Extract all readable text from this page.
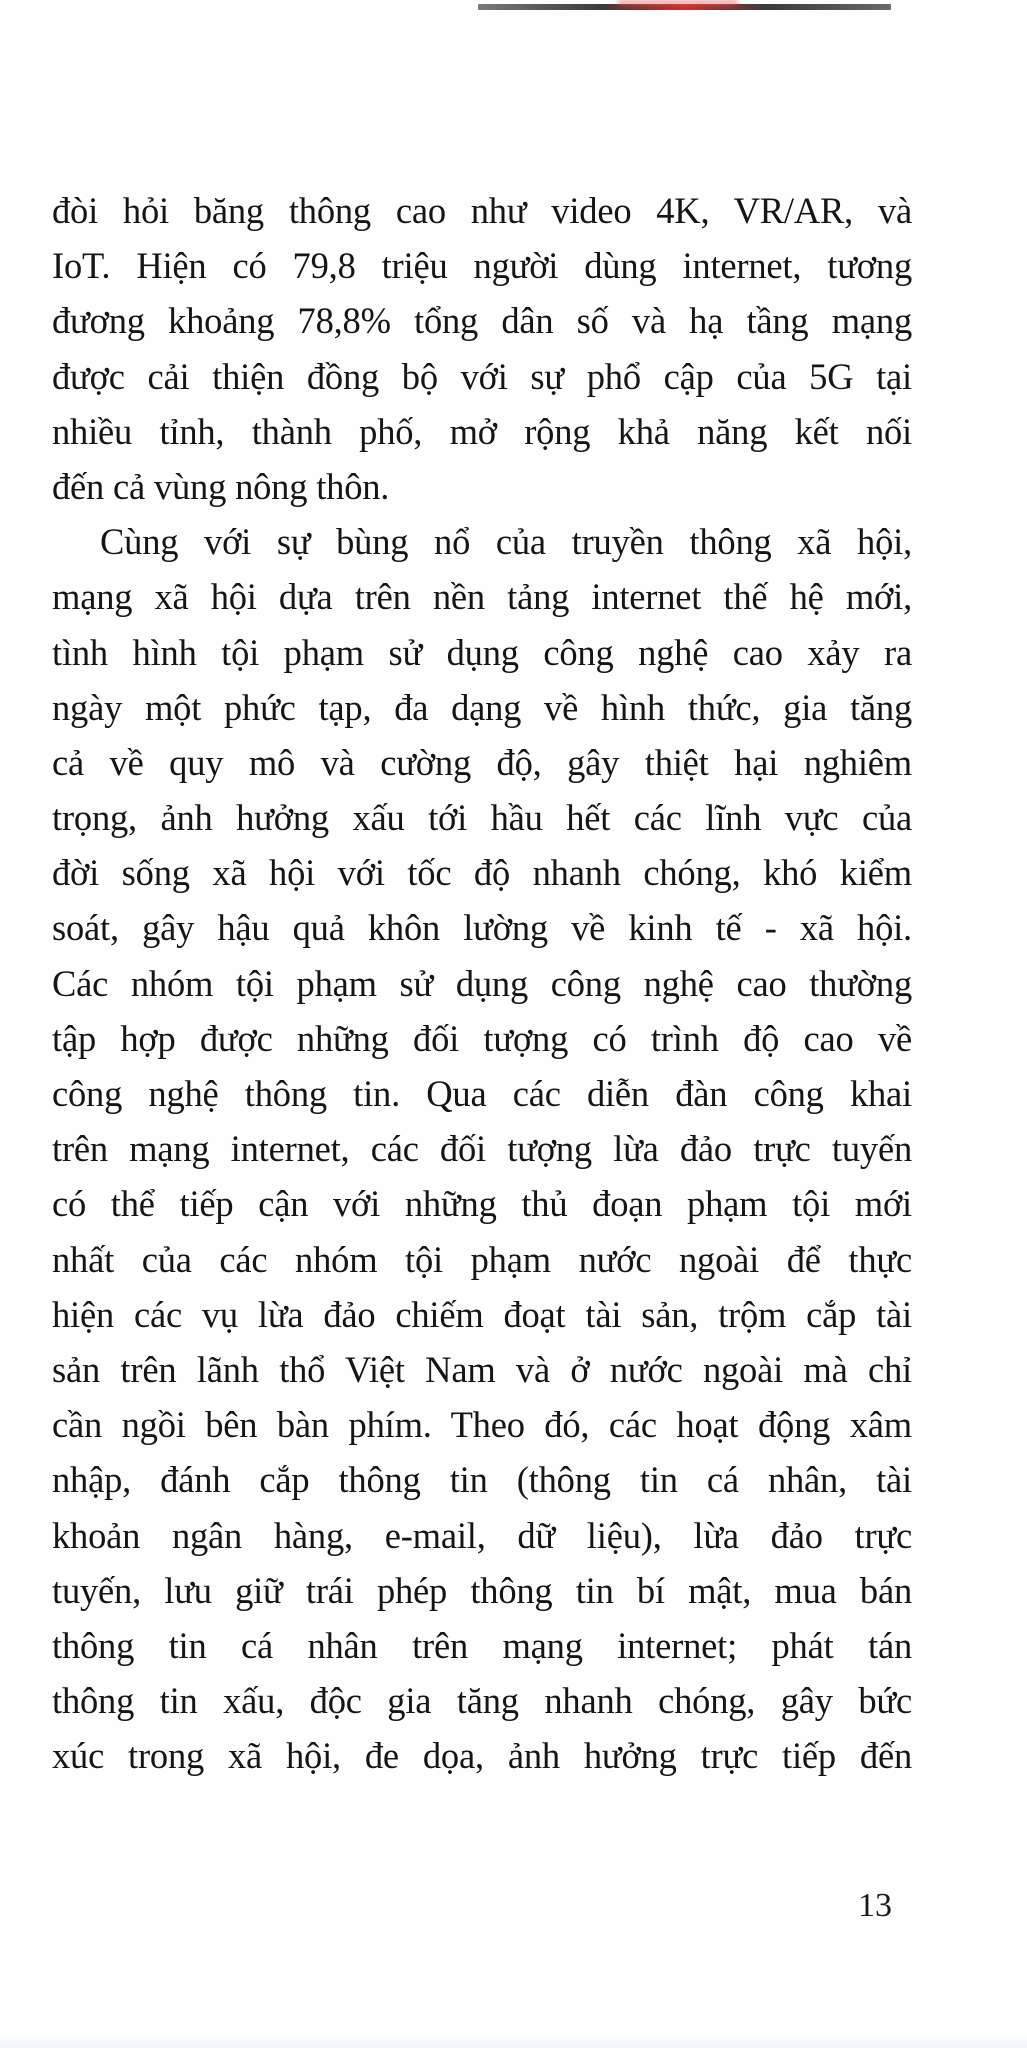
đòi hỏi băng thông cao như video 4K, VR/AR, và
IoT. Hiện có 79,8 triệu người dùng internet, tương
đương khoảng 78,8% tổng dân số và hạ tầng mạng
được cải thiện đồng bộ với sự phổ cập của 5G tại
nhiều tỉnh, thành phố, mở rộng khả năng kết nối
đến cả vùng nông thôn.
Cùng với sự bùng nổ của truyền thông xã hội,
mạng xã hội dựa trên nền tảng internet thế hệ mới,
tình hình tội phạm sử dụng công nghệ cao xảy ra
ngày một phức tạp, đa dạng về hình thức, gia tăng
cả về quy mô và cường độ, gây thiệt hại nghiêm
trọng, ảnh hưởng xấu tới hầu hết các lĩnh vực của
đời sống xã hội với tốc độ nhanh chóng, khó kiểm
soát, gây hậu quả khôn lường về kinh tế - xã hội.
Các nhóm tội phạm sử dụng công nghệ cao thường
tập hợp được những đối tượng có trình độ cao về
công nghệ thông tin. Qua các diễn đàn công khai
trên mạng internet, các đối tượng lừa đảo trực tuyến
có thể tiếp cận với những thủ đoạn phạm tội mới
nhất của các nhóm tội phạm nước ngoài để thực
hiện các vụ lừa đảo chiếm đoạt tài sản, trộm cắp tài
sản trên lãnh thổ Việt Nam và ở nước ngoài mà chỉ
cần ngồi bên bàn phím. Theo đó, các hoạt động xâm
nhập, đánh cắp thông tin (thông tin cá nhân, tài
khoản ngân hàng, e-mail, dữ liệu), lừa đảo trực
tuyến, lưu giữ trái phép thông tin bí mật, mua bán
thông tin cá nhân trên mạng internet; phát tán
thông tin xấu, độc gia tăng nhanh chóng, gây bức
xúc trong xã hội, đe dọa, ảnh hưởng trực tiếp đến
13
